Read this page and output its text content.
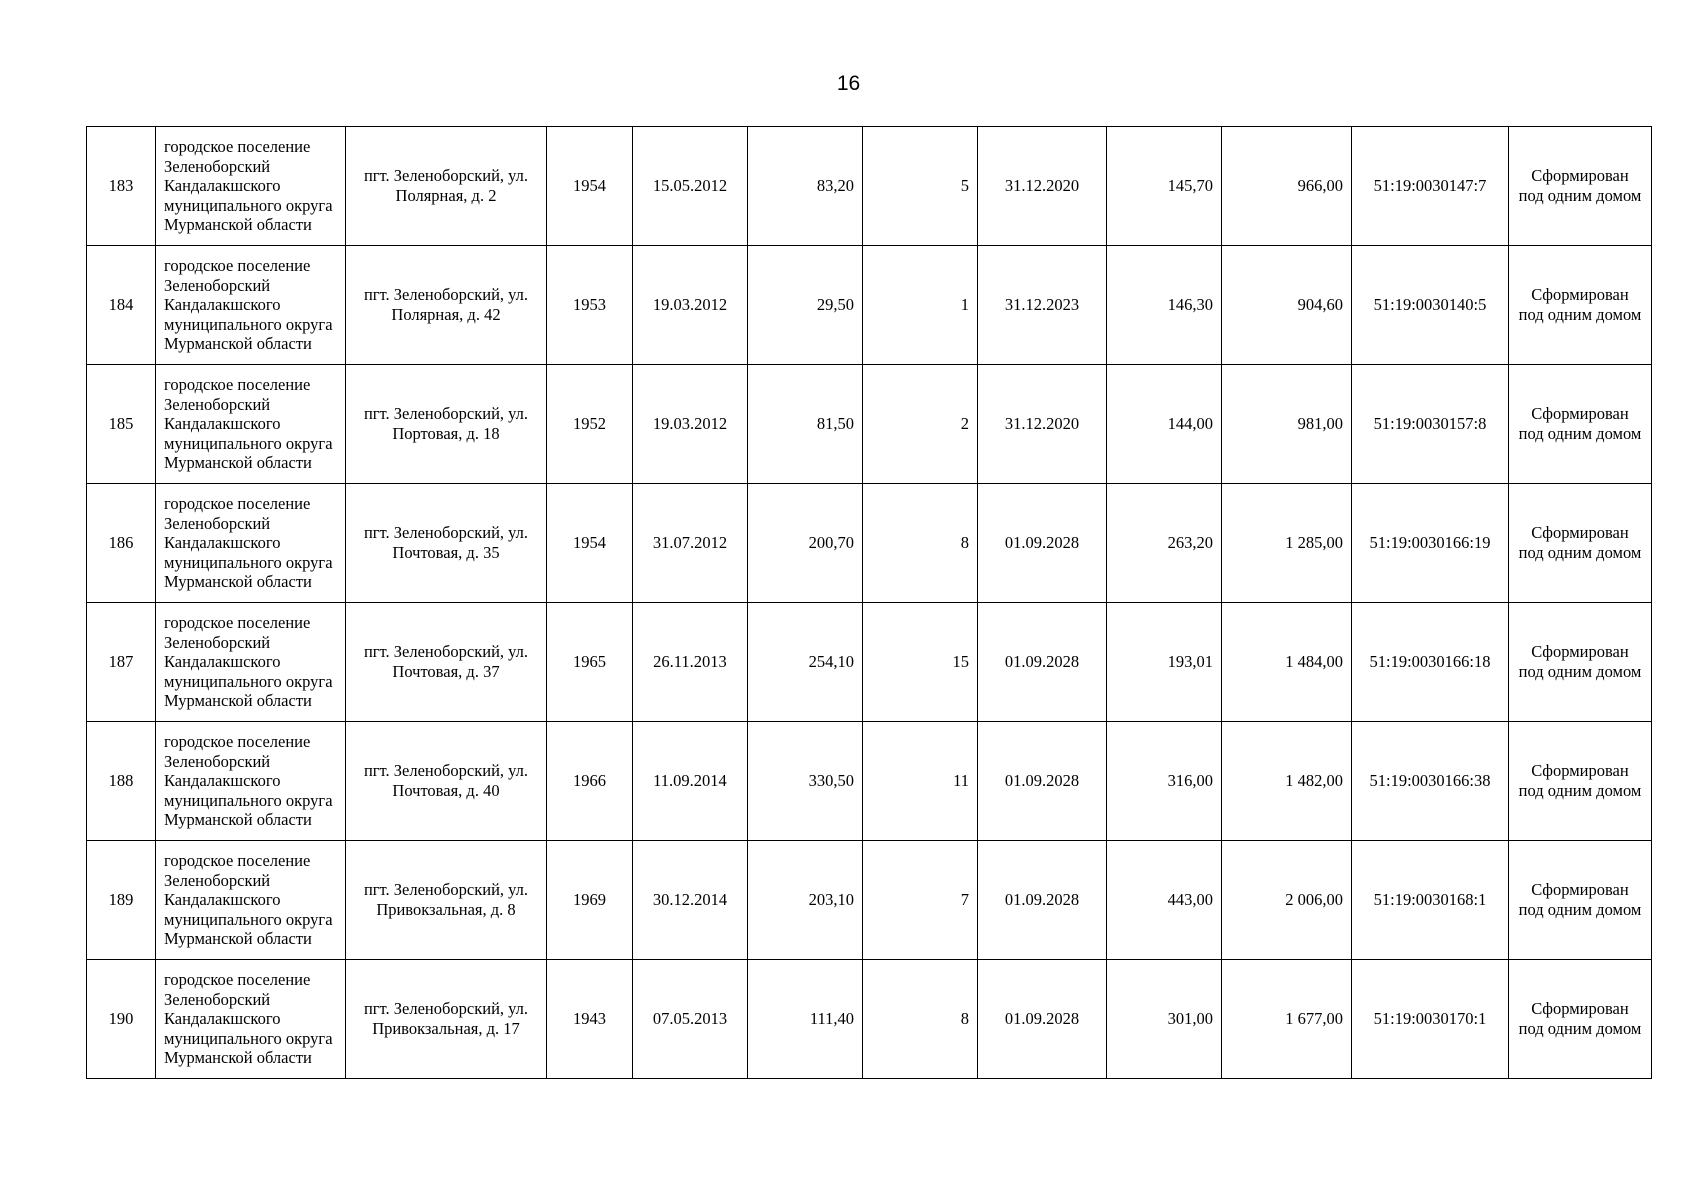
16
183	городское поселение Зеленоборский Кандалакшского муниципального округа Мурманской области	пгт. Зеленоборский, ул. Полярная, д. 2	1954	15.05.2012	83,20	5	31.12.2020	145,70	966,00	51:19:0030147:7	Сформирован под одним домом
184	городское поселение Зеленоборский Кандалакшского муниципального округа Мурманской области	пгт. Зеленоборский, ул. Полярная, д. 42	1953	19.03.2012	29,50	1	31.12.2023	146,30	904,60	51:19:0030140:5	Сформирован под одним домом
185	городское поселение Зеленоборский Кандалакшского муниципального округа Мурманской области	пгт. Зеленоборский, ул. Портовая, д. 18	1952	19.03.2012	81,50	2	31.12.2020	144,00	981,00	51:19:0030157:8	Сформирован под одним домом
186	городское поселение Зеленоборский Кандалакшского муниципального округа Мурманской области	пгт. Зеленоборский, ул. Почтовая, д. 35	1954	31.07.2012	200,70	8	01.09.2028	263,20	1 285,00	51:19:0030166:19	Сформирован под одним домом
187	городское поселение Зеленоборский Кандалакшского муниципального округа Мурманской области	пгт. Зеленоборский, ул. Почтовая, д. 37	1965	26.11.2013	254,10	15	01.09.2028	193,01	1 484,00	51:19:0030166:18	Сформирован под одним домом
188	городское поселение Зеленоборский Кандалакшского муниципального округа Мурманской области	пгт. Зеленоборский, ул. Почтовая, д. 40	1966	11.09.2014	330,50	11	01.09.2028	316,00	1 482,00	51:19:0030166:38	Сформирован под одним домом
189	городское поселение Зеленоборский Кандалакшского муниципального округа Мурманской области	пгт. Зеленоборский, ул. Привокзальная, д. 8	1969	30.12.2014	203,10	7	01.09.2028	443,00	2 006,00	51:19:0030168:1	Сформирован под одним домом
190	городское поселение Зеленоборский Кандалакшского муниципального округа Мурманской области	пгт. Зеленоборский, ул. Привокзальная, д. 17	1943	07.05.2013	111,40	8	01.09.2028	301,00	1 677,00	51:19:0030170:1	Сформирован под одним домом
